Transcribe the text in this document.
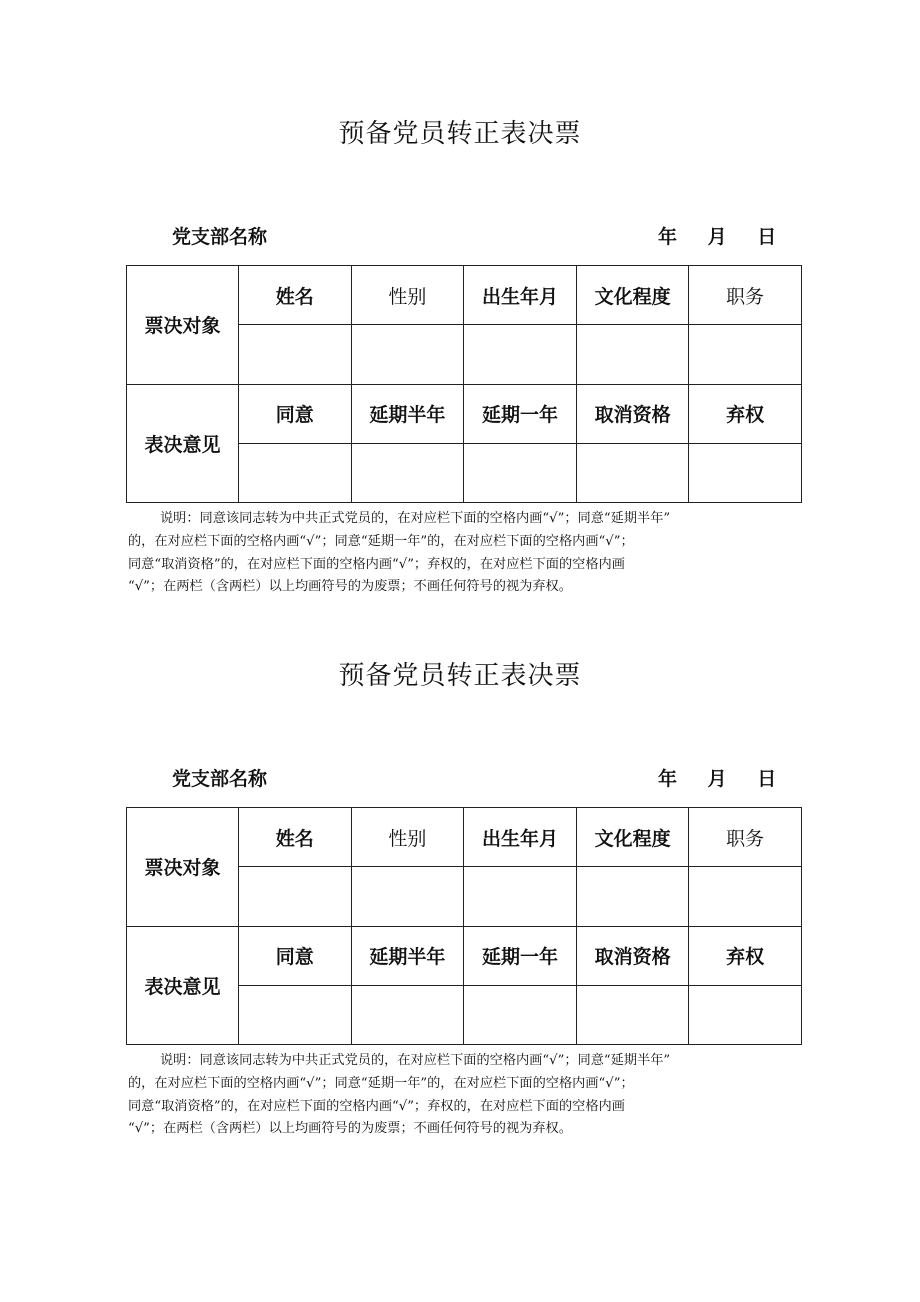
预备党员转正表决票
党支部名称	年 月 日
票决对象	姓名	性别	出生年月	文化程度	职务

表决意见	同意	延期半年	延期一年	取消资格	弃权

说明：同意该同志转为中共正式党员的，在对应栏下面的空格内画“√”；同意“延期半年”
的，在对应栏下面的空格内画“√”；同意“延期一年”的，在对应栏下面的空格内画“√”；
同意“取消资格”的，在对应栏下面的空格内画“√”；弃权的，在对应栏下面的空格内画
“√”；在两栏（含两栏）以上均画符号的为废票；不画任何符号的视为弃权。
预备党员转正表决票
党支部名称	年 月 日
票决对象	姓名	性别	出生年月	文化程度	职务

表决意见	同意	延期半年	延期一年	取消资格	弃权

说明：同意该同志转为中共正式党员的，在对应栏下面的空格内画“√”；同意“延期半年”
的，在对应栏下面的空格内画“√”；同意“延期一年”的，在对应栏下面的空格内画“√”；
同意“取消资格”的，在对应栏下面的空格内画“√”；弃权的，在对应栏下面的空格内画
“√”；在两栏（含两栏）以上均画符号的为废票；不画任何符号的视为弃权。
